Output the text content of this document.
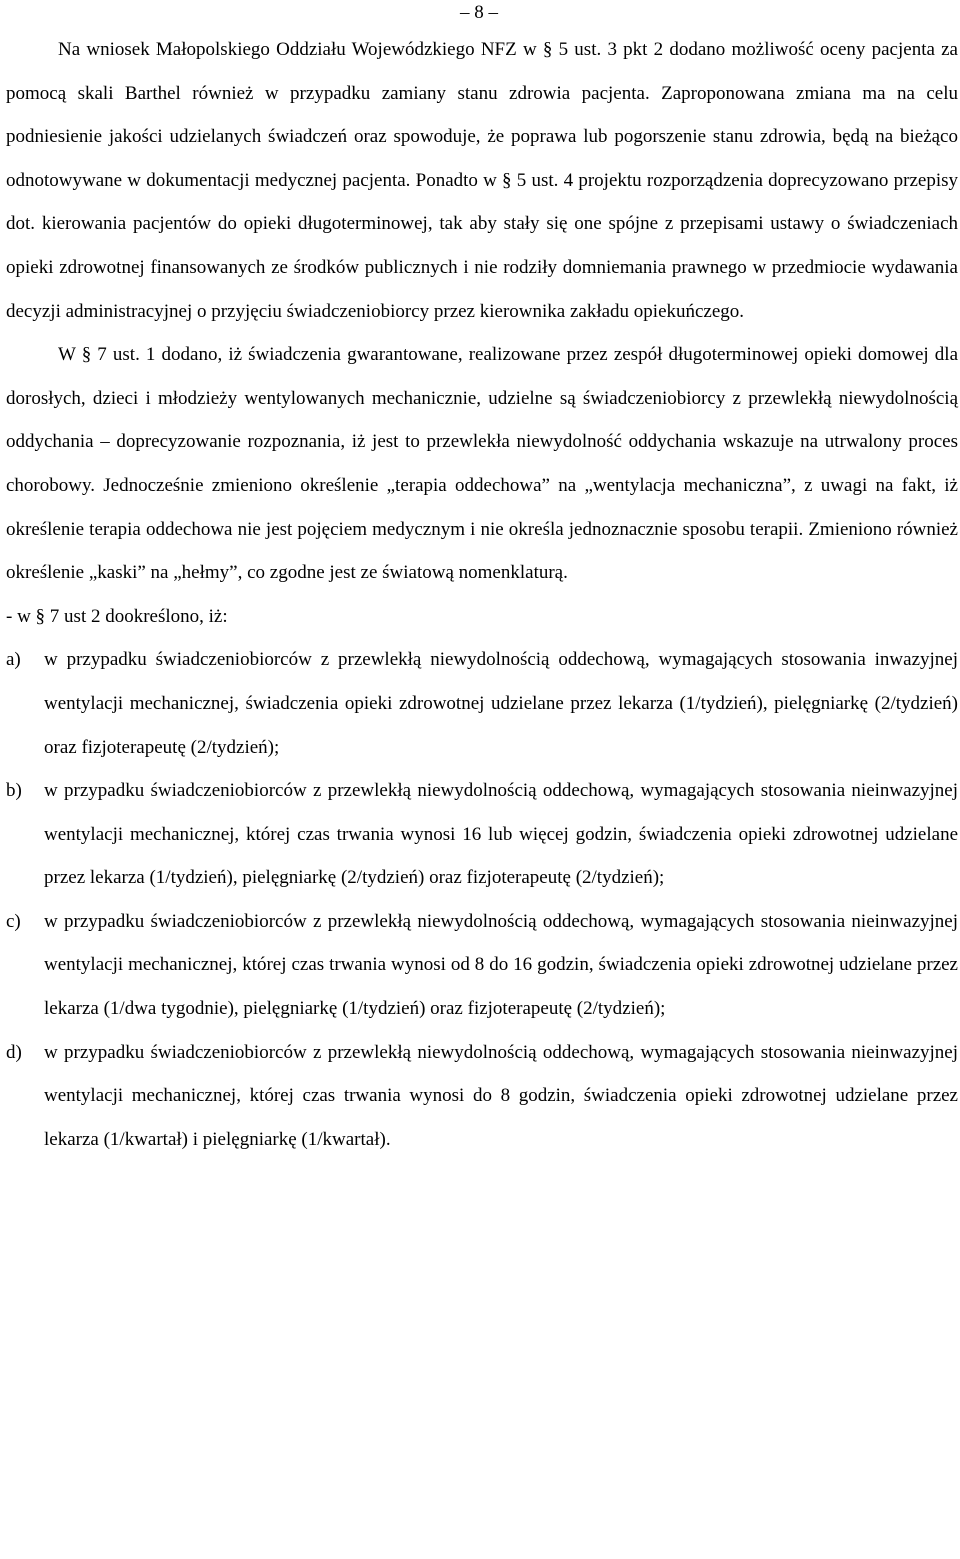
– 8 –

Na wniosek Małopolskiego Oddziału Wojewódzkiego NFZ w § 5 ust. 3 pkt 2 dodano możliwość oceny pacjenta za pomocą skali Barthel również w przypadku zamiany stanu zdrowia pacjenta. Zaproponowana zmiana ma na celu podniesienie jakości udzielanych świadczeń oraz spowoduje, że poprawa lub pogorszenie stanu zdrowia, będą na bieżąco odnotowywane w dokumentacji medycznej pacjenta. Ponadto w § 5 ust. 4 projektu rozporządzenia doprecyzowano przepisy dot. kierowania pacjentów do opieki długoterminowej, tak aby stały się one spójne z przepisami ustawy o świadczeniach opieki zdrowotnej finansowanych ze środków publicznych i nie rodziły domniemania prawnego w przedmiocie wydawania decyzji administracyjnej o przyjęciu świadczeniobiorcy przez kierownika zakładu opiekuńczego.

W § 7 ust. 1 dodano, iż świadczenia gwarantowane, realizowane przez zespół długoterminowej opieki domowej dla dorosłych, dzieci i młodzieży wentylowanych mechanicznie, udzielne są świadczeniobiorcy z przewlekłą niewydolnością oddychania – doprecyzowanie rozpoznania, iż jest to przewlekła niewydolność oddychania wskazuje na utrwalony proces chorobowy. Jednocześnie zmieniono określenie „terapia oddechowa” na „wentylacja mechaniczna”, z uwagi na fakt, iż określenie terapia oddechowa nie jest pojęciem medycznym i nie określa jednoznacznie sposobu terapii. Zmieniono również określenie „kaski” na „hełmy”, co zgodne jest ze światową nomenklaturą.

- w § 7 ust 2 dookreślono, iż:

a) w przypadku świadczeniobiorców z przewlekłą niewydolnością oddechową, wymagających stosowania inwazyjnej wentylacji mechanicznej, świadczenia opieki zdrowotnej udzielane przez lekarza (1/tydzień), pielęgniarkę (2/tydzień) oraz fizjoterapeutę (2/tydzień);
b) w przypadku świadczeniobiorców z przewlekłą niewydolnością oddechową, wymagających stosowania nieinwazyjnej wentylacji mechanicznej, której czas trwania wynosi 16 lub więcej godzin, świadczenia opieki zdrowotnej udzielane przez lekarza (1/tydzień), pielęgniarkę (2/tydzień) oraz fizjoterapeutę (2/tydzień);
c) w przypadku świadczeniobiorców z przewlekłą niewydolnością oddechową, wymagających stosowania nieinwazyjnej wentylacji mechanicznej, której czas trwania wynosi od 8 do 16 godzin, świadczenia opieki zdrowotnej udzielane przez lekarza (1/dwa tygodnie), pielęgniarkę (1/tydzień) oraz fizjoterapeutę (2/tydzień);
d) w przypadku świadczeniobiorców z przewlekłą niewydolnością oddechową, wymagających stosowania nieinwazyjnej wentylacji mechanicznej, której czas trwania wynosi do 8 godzin, świadczenia opieki zdrowotnej udzielane przez lekarza (1/kwartał) i pielęgniarkę (1/kwartał).
